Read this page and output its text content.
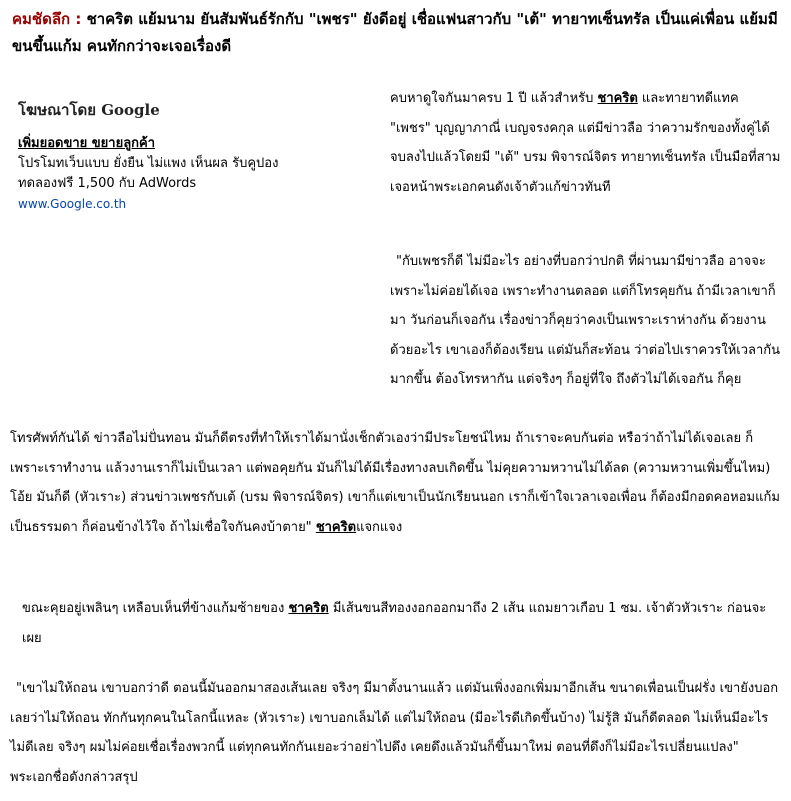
คมชัดลึก : ชาคริต แย้มนาม ยันสัมพันธ์รักกับ "เพชร" ยังดีอยู่ เชื่อแฟนสาวกับ "เต้" ทายาทเซ็นทรัล เป็นแค่เพื่อน แย้มมีขนขึ้นแก้ม คนทักกว่าจะเจอเรื่องดี
โฆษณาโดย Google
เพิ่มยอดขาย ขยายลูกค้า
โปรโมทเว็บแบบ ยั่งยืน ไม่แพง เห็นผล รับคูปอง
ทดลองฟรี 1,500 กับ AdWords
www.Google.co.th
คบหาดูใจกันมาครบ 1 ปี แล้วสำหรับ ชาคริต และทายาทดีแทค "เพชร" บุญญาภาณี่ เบญจรงคกุล แต่มีข่าวลือ ว่าความรักของทั้งคู่ได้จบลงไปแล้วโดยมี "เต้" บรม พิจารณ์จิตร ทายาทเซ็นทรัล เป็นมือที่สาม เจอหน้าพระเอกคนดังเจ้าตัวแก้ข่าวทันที
"กับเพชรก็ดี ไม่มีอะไร อย่างที่บอกว่าปกติ ที่ผ่านมามีข่าวลือ อาจจะเพราะไม่ค่อยได้เจอ เพราะทำงานตลอด แต่ก็โทรคุยกัน ถ้ามีเวลาเขาก็มา วันก่อนก็เจอกัน เรื่องข่าวก็คุยว่าคงเป็นเพราะเราห่างกัน ด้วยงานด้วยอะไร เขาเองก็ต้องเรียน แต่มันก็สะท้อน ว่าต่อไปเราควรให้เวลากันมากขึ้น ต้องโทรหากัน แต่จริงๆ ก็อยู่ที่ใจ ถึงตัวไม่ได้เจอกัน ก็คุย
โทรศัพท์กันได้ ข่าวลือไม่ปั่นทอน มันก็ดีตรงที่ทำให้เราได้มานั่งเช็กตัวเองว่ามีประโยชน์ไหม ถ้าเราจะคบกันต่อ หรือว่าถ้าไม่ได้เจอเลย ก็เพราะเราทำงาน แล้วงานเราก็ไม่เป็นเวลา แต่พอคุยกัน มันก็ไม่ได้มีเรื่องทางลบเกิดขึ้น ไม่คุยความหวานไม่ได้ลด (ความหวานเพิ่มขึ้นไหม) โอ้ย มันก็ดี (หัวเราะ) ส่วนข่าวเพชรกับเต้ (บรม พิจารณ์จิตร) เขาก็แต่เขาเป็นนักเรียนนอก เราก็เข้าใจเวลาเจอเพื่อน ก็ต้องมีกอดคอหอมแก้มเป็นธรรมดา ก็ค่อนข้างไว้ใจ ถ้าไม่เชื่อใจกันคงบ้าตาย" ชาคริตแจกแจง
ขณะคุยอยู่เพลินๆ เหลือบเห็นที่ข้างแก้มซ้ายของ ชาคริต มีเส้นขนสีทองงอกออกมาถึง 2 เส้น แถมยาวเกือบ 1 ซม. เจ้าตัวหัวเราะ ก่อนจะเผย
"เขาไม่ให้ถอน เขาบอกว่าดี ตอนนี้มันออกมาสองเส้นเลย จริงๆ มีมาตั้งนานแล้ว แต่มันเพิ่งงอกเพิ่มมาอีกเส้น ขนาดเพื่อนเป็นฝรั่ง เขายังบอกเลยว่าไม่ให้ถอน ทักกันทุกคนในโลกนี้แหละ (หัวเราะ) เขาบอกเล็มได้ แต่ไม่ให้ถอน (มีอะไรดีเกิดขึ้นบ้าง) ไม่รู้สิ มันก็ดีตลอด ไม่เห็นมีอะไรไม่ดีเลย จริงๆ ผมไม่ค่อยเชื่อเรื่องพวกนี้ แต่ทุกคนทักกันเยอะว่าอย่าไปดึง เคยดึงแล้วมันก็ขึ้นมาใหม่ ตอนที่ดึงก็ไม่มีอะไรเปลี่ยนแปลง" พระเอกชื่อดังกล่าวสรุป
